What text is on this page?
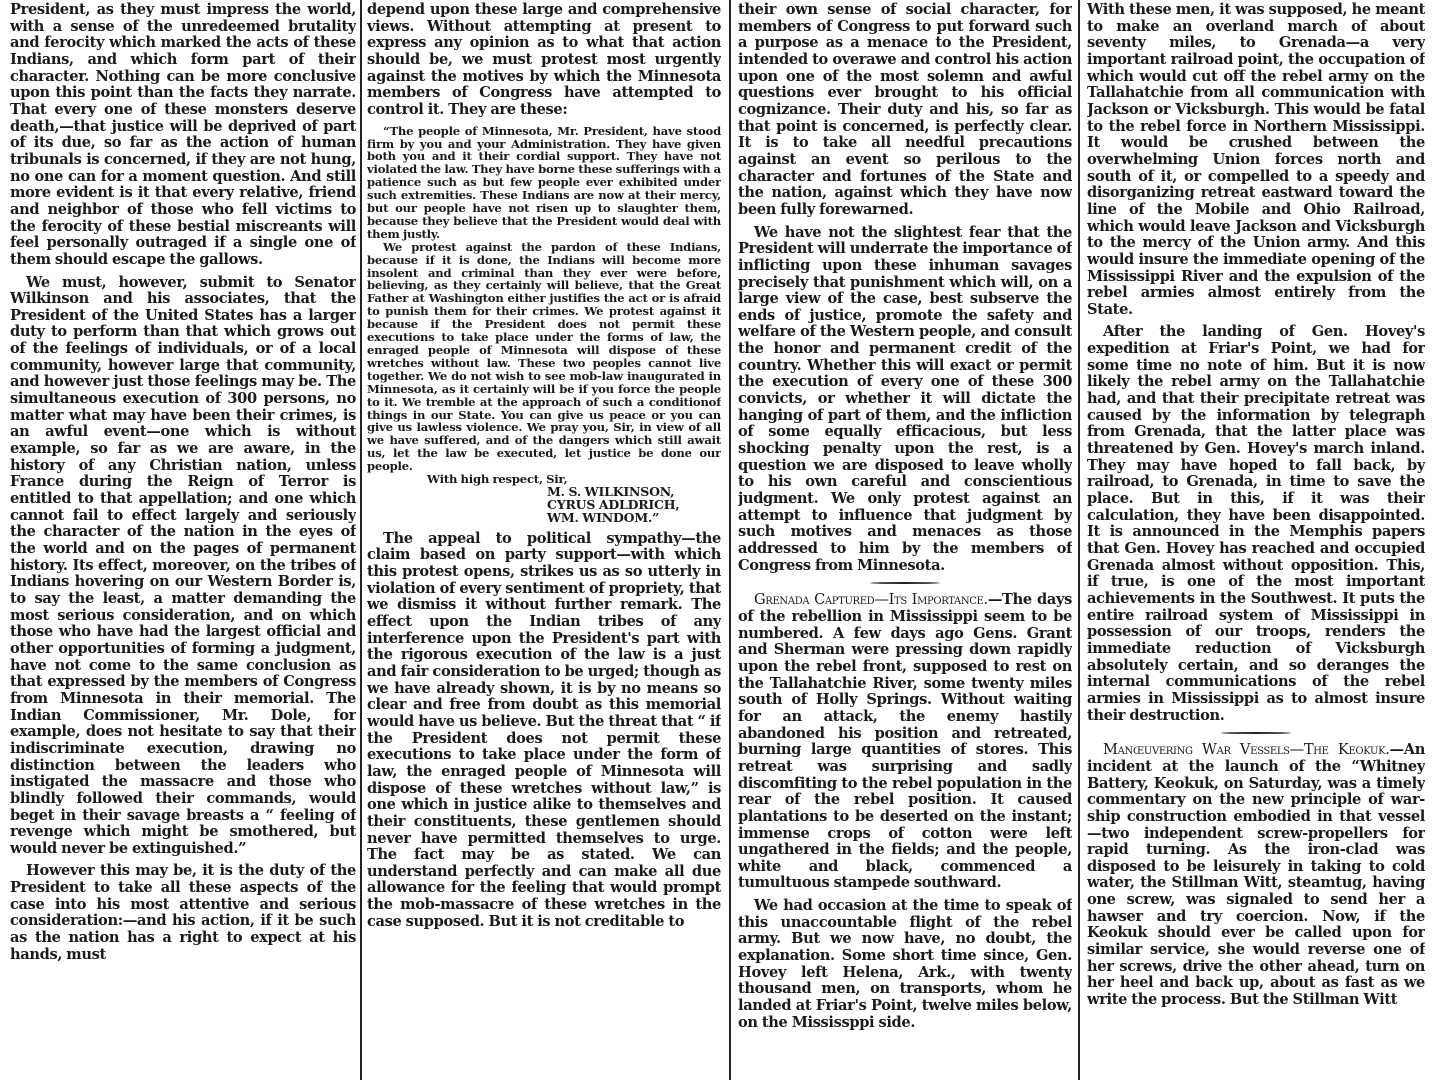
President, as they must impress the world, with a sense of the unredeemed brutality and ferocity which marked the acts of these Indians, and which form part of their character. Nothing can be more conclusive upon this point than the facts they narrate. That every one of these monsters deserve death,—that justice will be deprived of part of its due, so far as the action of human tribunals is concerned, if they are not hung, no one can for a moment question. And still more evident is it that every relative, friend and neighbor of those who fell victims to the ferocity of these bestial miscreants will feel personally outraged if a single one of them should escape the gallows.

We must, however, submit to Senator Wilkinson and his associates, that the President of the United States has a larger duty to perform than that which grows out of the feelings of individuals, or of a local community, however large that community, and however just those feelings may be. The simultaneous execution of 300 persons, no matter what may have been their crimes, is an awful event—one which is without example, so far as we are aware, in the history of any Christian nation, unless France during the Reign of Terror is entitled to that appellation; and one which cannot fail to effect largely and seriously the character of the nation in the eyes of the world and on the pages of permanent history. Its effect, moreover, on the tribes of Indians hovering on our Western Border is, to say the least, a matter demanding the most serious consideration, and on which those who have had the largest official and other opportunities of forming a judgment, have not come to the same conclusion as that expressed by the members of Congress from Minnesota in their memorial. The Indian Commissioner, Mr. Dole, for example, does not hesitate to say that their indiscriminate execution, drawing no distinction between the leaders who instigated the massacre and those who blindly followed their commands, would beget in their savage breasts a “ feeling of revenge which might be smothered, but would never be extinguished.”

However this may be, it is the duty of the President to take all these aspects of the case into his most attentive and serious consideration:—and his action, if it be such as the nation has a right to expect at his hands, must

depend upon these large and comprehensive views. Without attempting at present to express any opinion as to what that action should be, we must protest most urgently against the motives by which the Minnesota members of Congress have attempted to control it. They are these:

“The people of Minnesota, Mr. President, have stood firm by you and your Administration. They have given both you and it their cordial support. They have not violated the law. They have borne these sufferings with a patience such as but few people ever exhibited under such extremities. These Indians are now at their mercy, but our people have not risen up to slaughter them, because they believe that the President would deal with them justly.

We protest against the pardon of these Indians, because if it is done, the Indians will become more insolent and criminal than they ever were before, believing, as they certainly will believe, that the Great Father at Washington either justifies the act or is afraid to punish them for their crimes. We protest against it because if the President does not permit these executions to take place under the forms of law, the enraged people of Minnesota will dispose of these wretches without law. These two peoples cannot live together. We do not wish to see mob-law inaugurated in Minnesota, as it certainly will be if you force the people to it. We tremble at the approach of such a conditionof things in our State. You can give us peace or you can give us lawless violence. We pray you, Sir, in view of all we have suffered, and of the dangers which still await us, let the law be executed, let justice be done our people.

With high respect, Sir,
M. S. WILKINSON,
CYRUS ADLDRICH,
WM. WINDOM.”

The appeal to political sympathy—the claim based on party support—with which this protest opens, strikes us as so utterly in violation of every sentiment of propriety, that we dismiss it without further remark. The effect upon the Indian tribes of any interference upon the President's part with the rigorous execution of the law is a just and fair consideration to be urged; though as we have already shown, it is by no means so clear and free from doubt as this memorial would have us believe. But the threat that “ if the President does not permit these executions to take place under the form of law, the enraged people of Minnesota will dispose of these wretches without law,” is one which in justice alike to themselves and their constituents, these gentlemen should never have permitted themselves to urge. The fact may be as stated. We can understand perfectly and can make all due allowance for the feeling that would prompt the mob-massacre of these wretches in the case supposed. But it is not creditable to

their own sense of social character, for members of Congress to put forward such a purpose as a menace to the President, intended to overawe and control his action upon one of the most solemn and awful questions ever brought to his official cognizance. Their duty and his, so far as that point is concerned, is perfectly clear. It is to take all needful precautions against an event so perilous to the character and fortunes of the State and the nation, against which they have now been fully forewarned.

We have not the slightest fear that the President will underrate the importance of inflicting upon these inhuman savages precisely that punishment which will, on a large view of the case, best subserve the ends of justice, promote the safety and welfare of the Western people, and consult the honor and permanent credit of the country. Whether this will exact or permit the execution of every one of these 300 convicts, or whether it will dictate the hanging of part of them, and the infliction of some equally efficacious, but less shocking penalty upon the rest, is a question we are disposed to leave wholly to his own careful and conscientious judgment. We only protest against an attempt to influence that judgment by such motives and menaces as those addressed to him by the members of Congress from Minnesota.

Grenada Captured—Its Importance.—The days of the rebellion in Mississippi seem to be numbered. A few days ago Gens. Grant and Sherman were pressing down rapidly upon the rebel front, supposed to rest on the Tallahatchie River, some twenty miles south of Holly Springs. Without waiting for an attack, the enemy hastily abandoned his position and retreated, burning large quantities of stores. This retreat was surprising and sadly discomfiting to the rebel population in the rear of the rebel position. It caused plantations to be deserted on the instant; immense crops of cotton were left ungathered in the fields; and the people, white and black, commenced a tumultuous stampede southward.

We had occasion at the time to speak of this unaccountable flight of the rebel army. But we now have, no doubt, the explanation. Some short time since, Gen. Hovey left Helena, Ark., with twenty thousand men, on transports, whom he landed at Friar's Point, twelve miles below, on the Mississppi side.

With these men, it was supposed, he meant to make an overland march of about seventy miles, to Grenada—a very important railroad point, the occupation of which would cut off the rebel army on the Tallahatchie from all communication with Jackson or Vicksburgh. This would be fatal to the rebel force in Northern Mississippi. It would be crushed between the overwhelming Union forces north and south of it, or compelled to a speedy and disorganizing retreat eastward toward the line of the Mobile and Ohio Railroad, which would leave Jackson and Vicksburgh to the mercy of the Union army. And this would insure the immediate opening of the Mississippi River and the expulsion of the rebel armies almost entirely from the State.

After the landing of Gen. Hovey's expedition at Friar's Point, we had for some time no note of him. But it is now likely the rebel army on the Tallahatchie had, and that their precipitate retreat was caused by the information by telegraph from Grenada, that the latter place was threatened by Gen. Hovey's march inland. They may have hoped to fall back, by railroad, to Grenada, in time to save the place. But in this, if it was their calculation, they have been disappointed. It is announced in the Memphis papers that Gen. Hovey has reached and occupied Grenada almost without opposition. This, if true, is one of the most important achievements in the Southwest. It puts the entire railroad system of Mississippi in possession of our troops, renders the immediate reduction of Vicksburgh absolutely certain, and so deranges the internal communications of the rebel armies in Mississippi as to almost insure their destruction.

Manœuvering War Vessels—The Keokuk.—An incident at the launch of the “Whitney Battery, Keokuk, on Saturday, was a timely commentary on the new principle of war-ship construction embodied in that vessel—two independent screw-propellers for rapid turning. As the iron-clad was disposed to be leisurely in taking to cold water, the Stillman Witt, steamtug, having one screw, was signaled to send her a hawser and try coercion. Now, if the Keokuk should ever be called upon for similar service, she would reverse one of her screws, drive the other ahead, turn on her heel and back up, about as fast as we write the process. But the Stillman Witt
